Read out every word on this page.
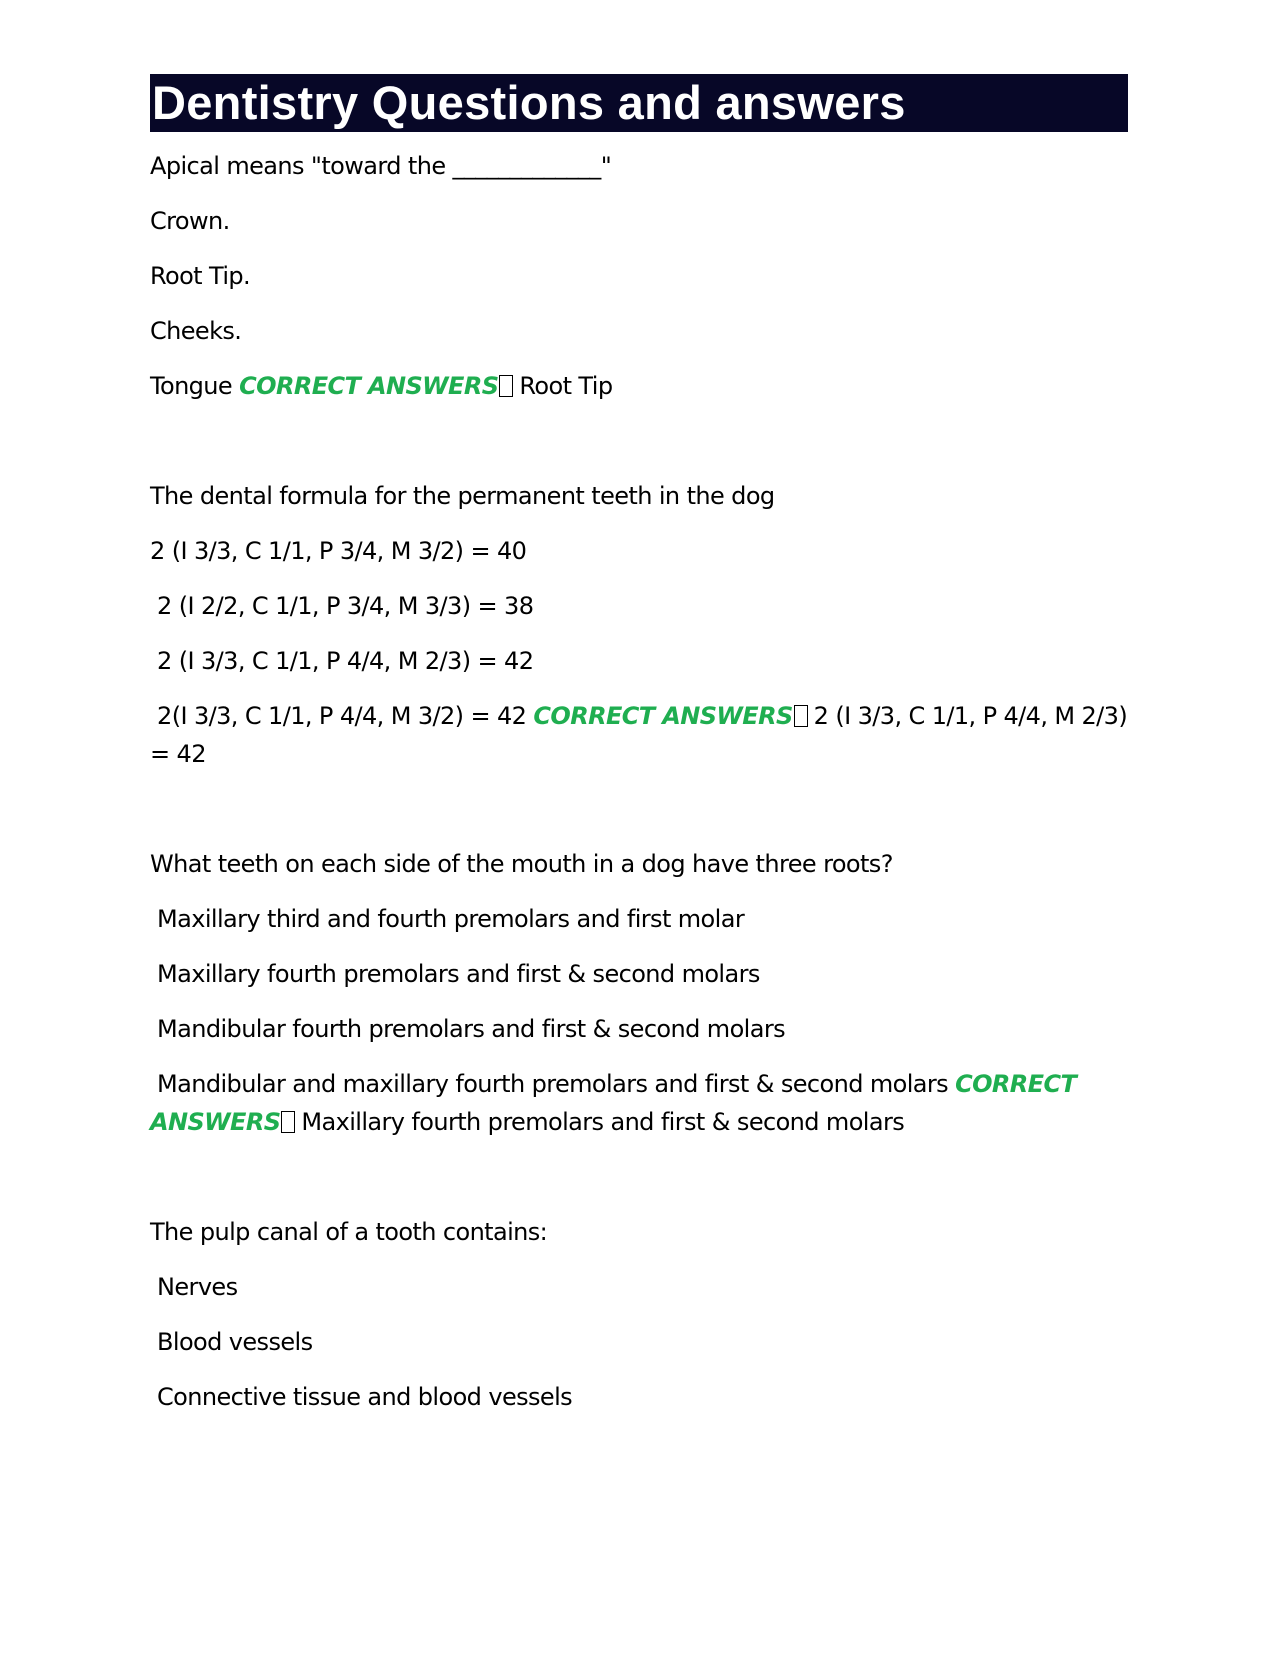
Dentistry Questions and answers

Apical means "toward the _____________"

Crown.

Root Tip.

Cheeks.

Tongue CORRECT ANSWERS Root Tip

The dental formula for the permanent teeth in the dog

2 (I 3/3, C 1/1, P 3/4, M 3/2) = 40

2 (I 2/2, C 1/1, P 3/4, M 3/3) = 38

2 (I 3/3, C 1/1, P 4/4, M 2/3) = 42

2(I 3/3, C 1/1, P 4/4, M 3/2) = 42 CORRECT ANSWERS 2 (I 3/3, C 1/1, P 4/4, M 2/3) = 42

What teeth on each side of the mouth in a dog have three roots?

Maxillary third and fourth premolars and first molar

Maxillary fourth premolars and first & second molars

Mandibular fourth premolars and first & second molars

Mandibular and maxillary fourth premolars and first & second molars CORRECT ANSWERS Maxillary fourth premolars and first & second molars

The pulp canal of a tooth contains:

Nerves

Blood vessels

Connective tissue and blood vessels
